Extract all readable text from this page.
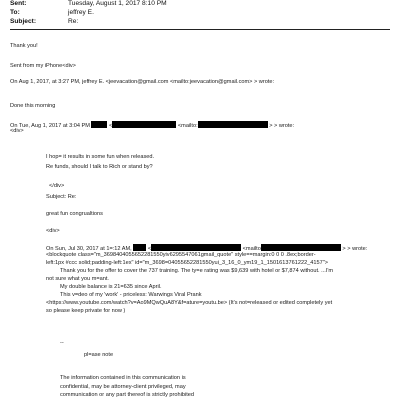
Sent:	Tuesday, August 1, 2017 8:10 PM
To:	jeffrey E.
Subject:	Re:
Thank you!
Sent from my iPhone<div>
On Aug 1, 2017, at 3:27 PM, jeffrey E. <jeevacation@gmail.com <mailto:jeevacation@gmail.com> > wrote:
Done this morning
On Tue, Aug 1, 2017 at 3:04 PM	<	<mailto:	> > wrote:
<div>
I hop= it results in some fun when released.
Re funds, should I talk to Rich or stand by?
</div>
Subject: Re:
great fun congrualtions
<div>
On Sun, Jul 30, 2017 at 1=:12 AM,	<	<mailto	> > wrote:
<blockquote class="m_3698404055652281550yiv6295547061gmail_quote" style==margin:0 0 0 .8ex;border-
left:1px #ccc solid;padding-left:1ex" id="m_3698=04055652281550yui_3_16_0_ym19_1_1501613761222_4157">
Thank you for the offer to cover the 737 training. The ty=e rating was $9,639 with hotel or $7,874 without. ...I'm
not sure what you m=ant.
My double balance is 21=635 since April.
This v=deo of my 'work' - priceless: Warwings Viral Prank
<https://www.youtube.com/watch?v=Ao9MQwQuA8Y&f=ature=youtu.be> (It's not=released or edited completely yet
so please keep private for now )
--
pl=ase note
The information contained in this communication is
confidential, may be attorney-client privileged, may
communication or any part thereof is strictly prohibited
